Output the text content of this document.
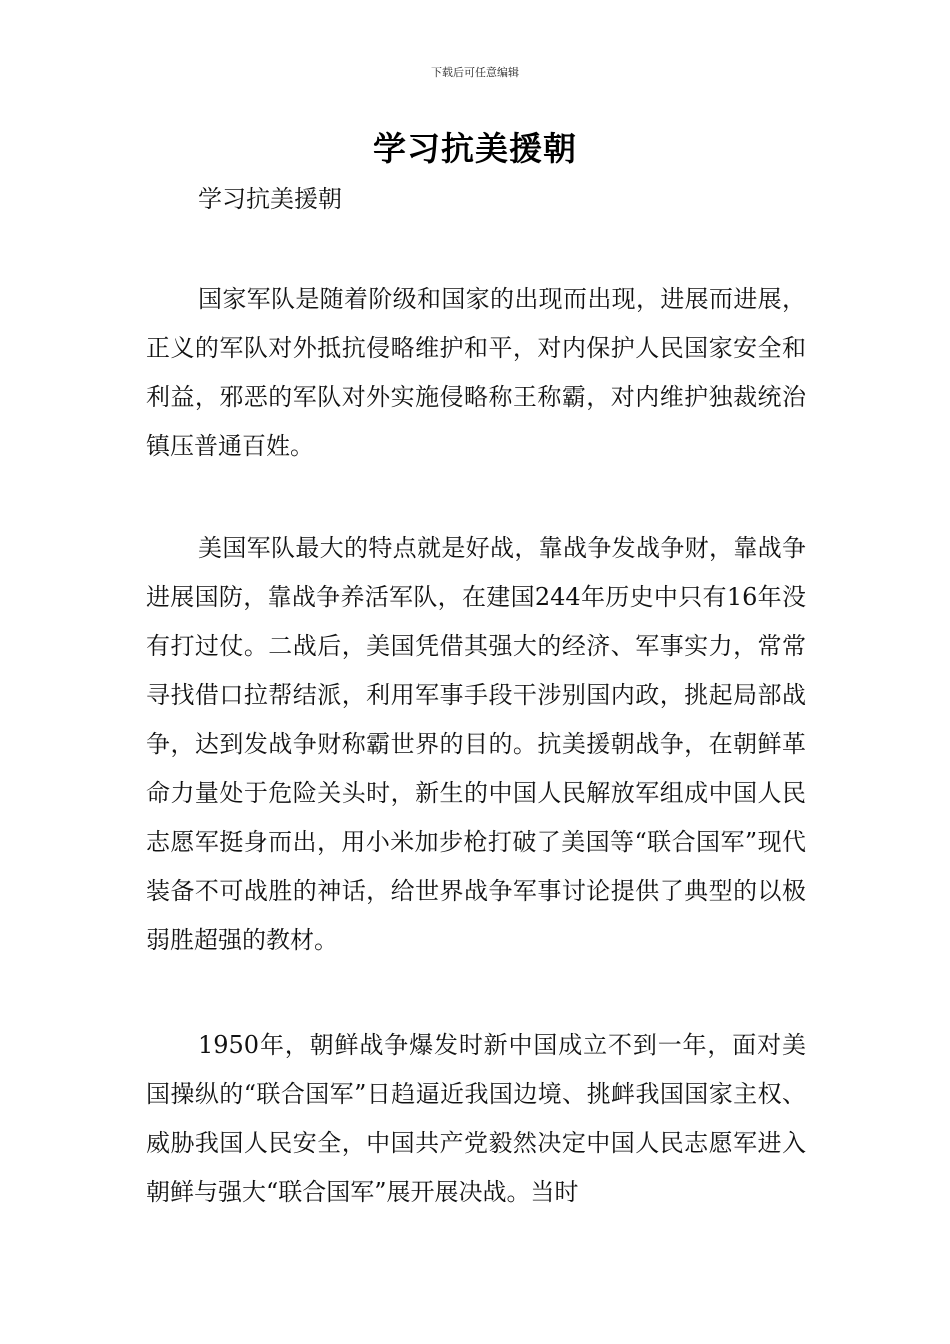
下载后可任意编辑
学习抗美援朝
学习抗美援朝

国家军队是随着阶级和国家的出现而出现，进展而进展，正义的军队对外抵抗侵略维护和平，对内保护人民国家安全和利益，邪恶的军队对外实施侵略称王称霸，对内维护独裁统治镇压普通百姓。

美国军队最大的特点就是好战，靠战争发战争财，靠战争进展国防，靠战争养活军队，在建国244年历史中只有16年没有打过仗。二战后，美国凭借其强大的经济、军事实力，常常寻找借口拉帮结派，利用军事手段干涉别国内政，挑起局部战争，达到发战争财称霸世界的目的。抗美援朝战争，在朝鲜革命力量处于危险关头时，新生的中国人民解放军组成中国人民志愿军挺身而出，用小米加步枪打破了美国等“联合国军”现代装备不可战胜的神话，给世界战争军事讨论提供了典型的以极弱胜超强的教材。

1950年，朝鲜战争爆发时新中国成立不到一年，面对美国操纵的“联合国军”日趋逼近我国边境、挑衅我国国家主权、威胁我国人民安全，中国共产党毅然决定中国人民志愿军进入朝鲜与强大“联合国军”展开展决战。当时
